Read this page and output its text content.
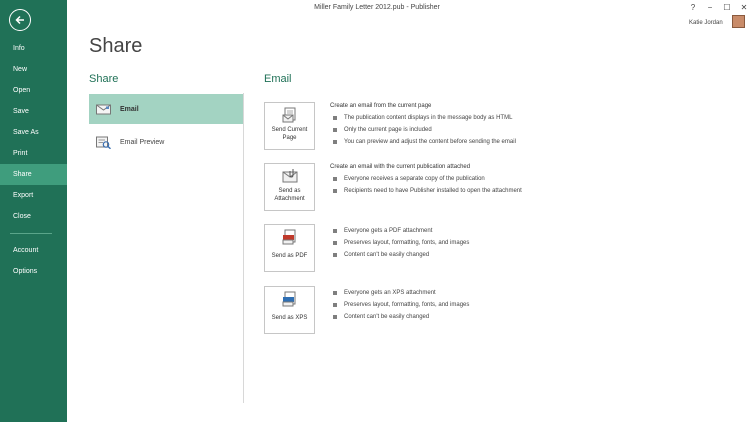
Info
New
Open
Save
Save As
Print
Share
Export
Close
Account
Options
Miller Family Letter 2012.pub - Publisher	? − ☐ ✕
Katie Jordan
Share
Share
Email
Email Preview
Email
Send Current
Page
Create an email from the current page
The publication content displays in the message body as HTML
Only the current page is included
You can preview and adjust the content before sending the email
Send as
Attachment
Create an email with the current publication attached
Everyone receives a separate copy of the publication
Recipients need to have Publisher installed to open the attachment
Send as PDF
Everyone gets a PDF attachment
Preserves layout, formatting, fonts, and images
Content can't be easily changed
Send as XPS
Everyone gets an XPS attachment
Preserves layout, formatting, fonts, and images
Content can't be easily changed
